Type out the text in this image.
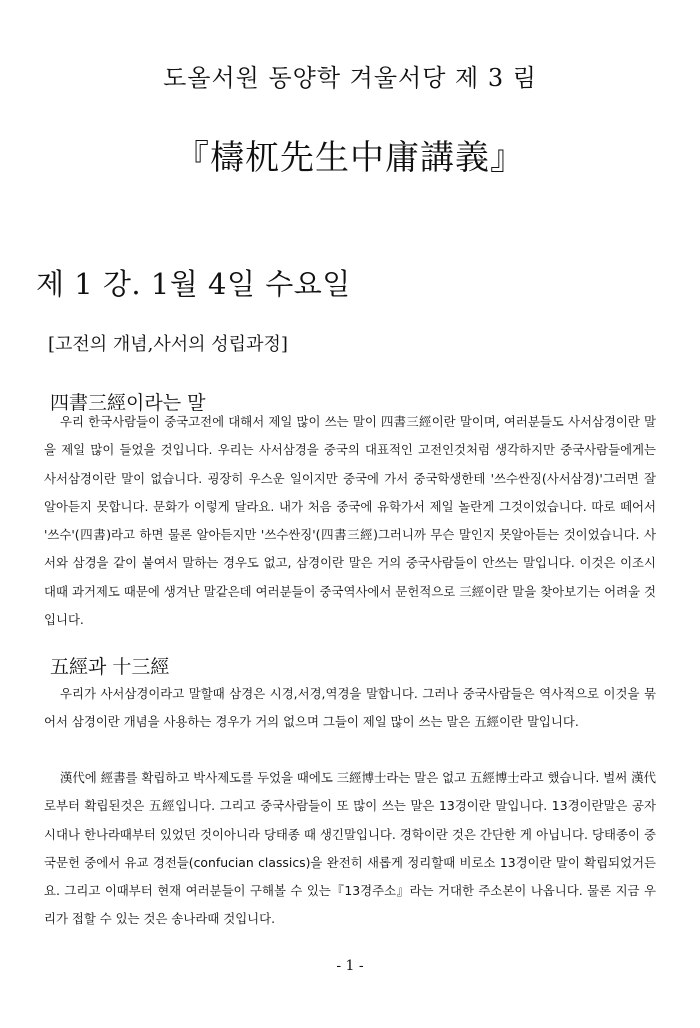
도올서원 동양학 겨울서당 제 3 림
『檮杌先生中庸講義』
제 1 강. 1월 4일 수요일
[고전의 개념,사서의 성립과정]
四書三經이라는 말

우리 한국사람들이 중국고전에 대해서 제일 많이 쓰는 말이 四書三經이란 말이며, 여러분들도 사서삼경이란 말을 제일 많이 들었을 것입니다. 우리는 사서삼경을 중국의 대표적인 고전인것처럼 생각하지만 중국사람들에게는 사서삼경이란 말이 없습니다. 굉장히 우스운 일이지만 중국에 가서 중국학생한테 '쓰수싼징(사서삼경)'그러면 잘 알아듣지 못합니다. 문화가 이렇게 달라요. 내가 처음 중국에 유학가서 제일 놀란게 그것이었습니다. 따로 떼어서 '쓰수'(四書)라고 하면 물론 알아듣지만 '쓰수싼징'(四書三經)그러니까 무슨 말인지 못알아듣는 것이었습니다. 사서와 삼경을 같이 붙여서 말하는 경우도 없고, 삼경이란 말은 거의 중국사람들이 안쓰는 말입니다. 이것은 이조시대때 과거제도 때문에 생겨난 말같은데 여러분들이 중국역사에서 문헌적으로 三經이란 말을 찾아보기는 어려울 것입니다.

五經과 十三經

우리가 사서삼경이라고 말할때 삼경은 시경,서경,역경을 말합니다. 그러나 중국사람들은 역사적으로 이것을 묶어서 삼경이란 개념을 사용하는 경우가 거의 없으며 그들이 제일 많이 쓰는 말은 五經이란 말입니다.

漢代에 經書를 확립하고 박사제도를 두었을 때에도 三經博士라는 말은 없고 五經博士라고 했습니다. 벌써 漢代로부터 확립된것은 五經입니다. 그리고 중국사람들이 또 많이 쓰는 말은 13경이란 말입니다. 13경이란말은 공자시대나 한나라때부터 있었던 것이아니라 당태종 때 생긴말입니다. 경학이란 것은 간단한 게 아닙니다. 당태종이 중국문헌 중에서 유교 경전들(confucian classics)을 완전히 새롭게 정리할때 비로소 13경이란 말이 확립되었거든요. 그리고 이때부터 현재 여러분들이 구해볼 수 있는『13경주소』라는 거대한 주소본이 나옵니다. 물론 지금 우리가 접할 수 있는 것은 송나라때 것입니다.

- 1 -
